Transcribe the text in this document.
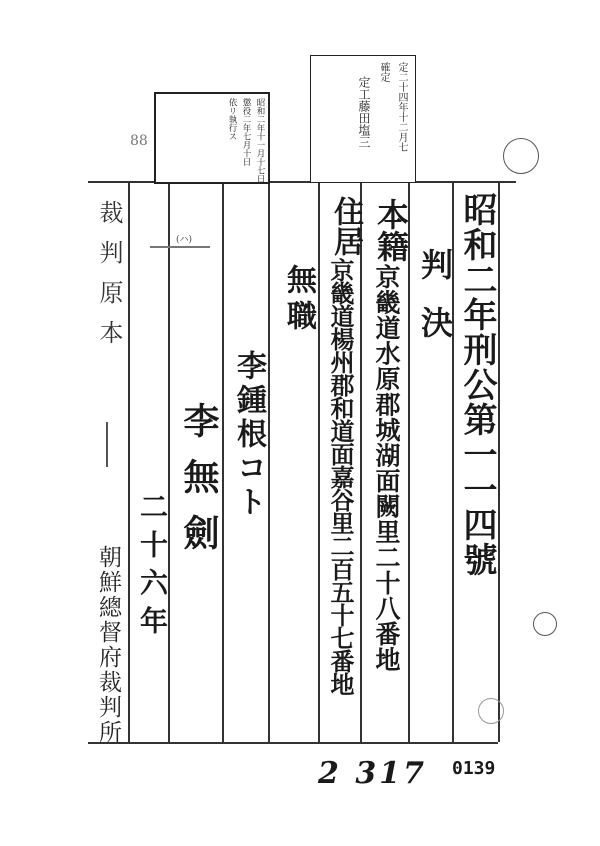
裁判原本
朝鮮總督府裁判所
昭和二年十一月十七日
懲役二年七月十日
依リ執行ス
(ハ)
定二十四年十二月七
確定
定工藤田塩三
88
昭和二年刑公第一一四號
判決
本籍
京畿道水原郡城湖面闕里二十八番地
住居
京畿道楊州郡和道面嘉谷里二百五十七番地
無職
李鍾根コト
李無劍
二十六年
2 317 0139
